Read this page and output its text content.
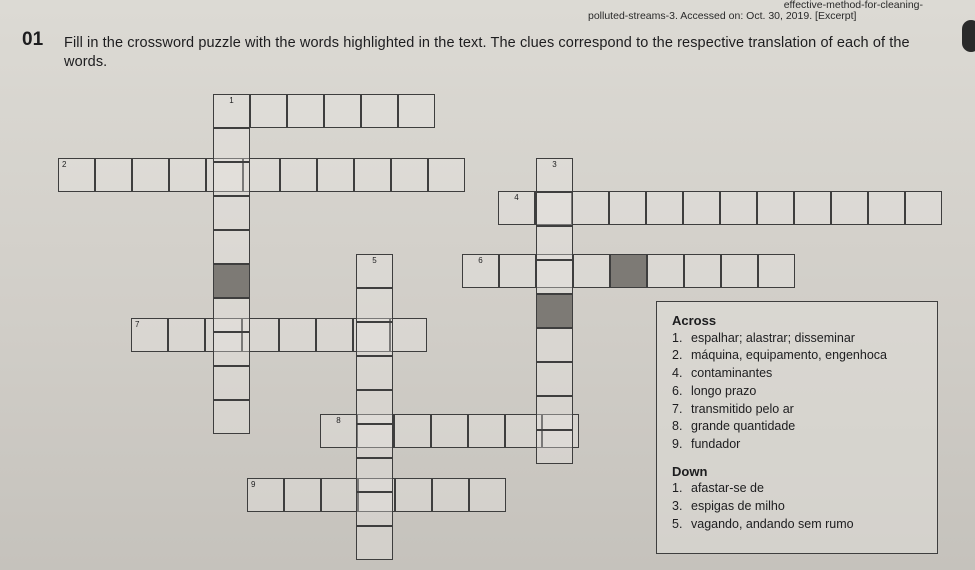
effective-method-for-cleaning-
polluted-streams-3. Accessed on: Oct. 30, 2019. [Excerpt]
01 Fill in the crossword puzzle with the words highlighted in the text. The clues correspond to the respective translation of each of the words.
1
2	3
4
5	6
7
8
9
Across
1. espalhar; alastrar; disseminar
2. máquina, equipamento, engenhoca
4. contaminantes
6. longo prazo
7. transmitido pelo ar
8. grande quantidade
9. fundador
Down
1. afastar-se de
3. espigas de milho
5. vagando, andando sem rumo
